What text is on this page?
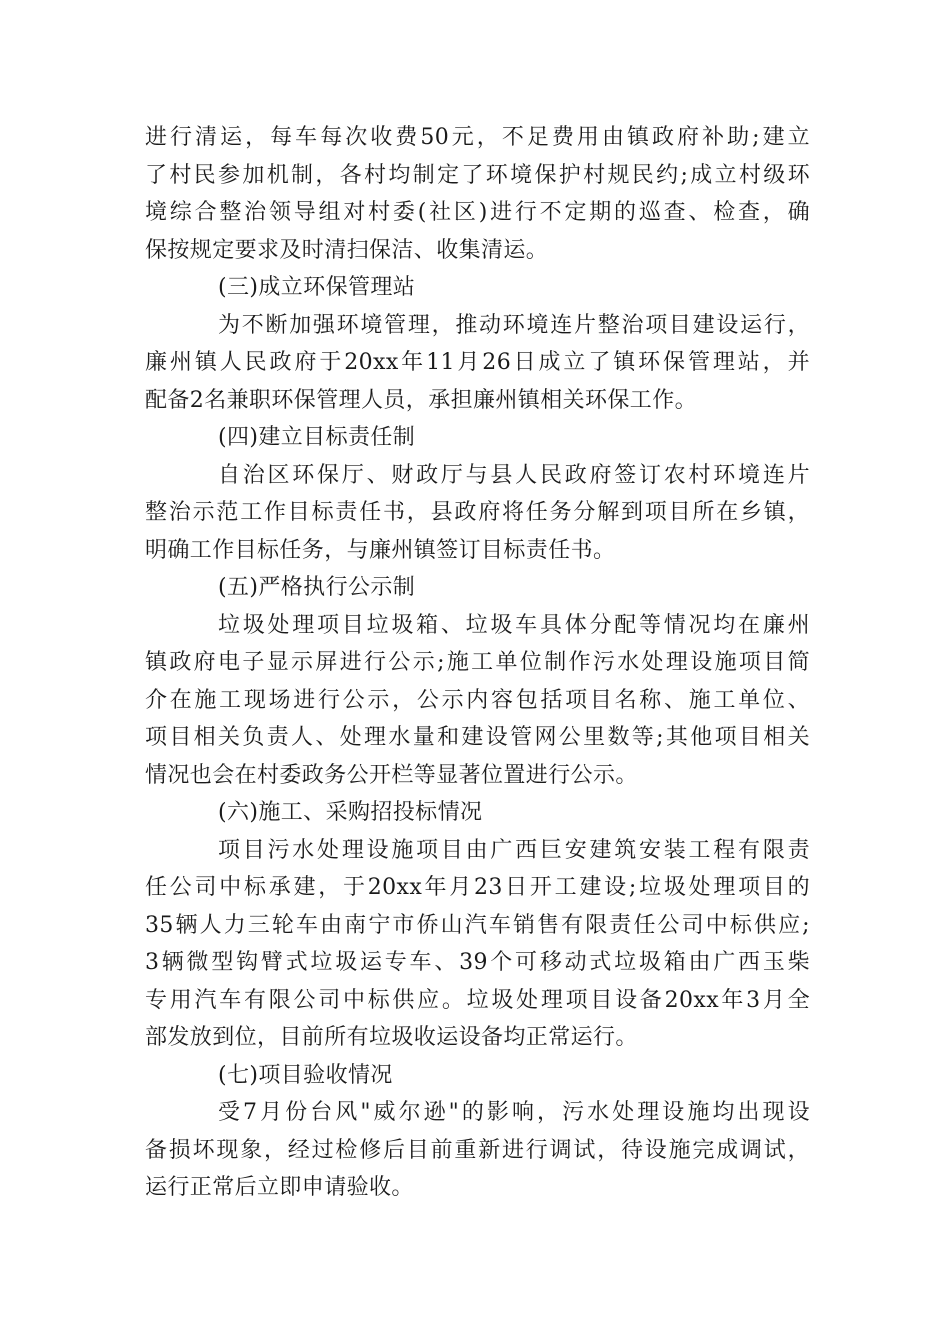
进行清运，每车每次收费50元，不足费用由镇政府补助;建立
了村民参加机制，各村均制定了环境保护村规民约;成立村级环
境综合整治领导组对村委(社区)进行不定期的巡查、检查，确
保按规定要求及时清扫保洁、收集清运。
(三)成立环保管理站
为不断加强环境管理，推动环境连片整治项目建设运行，
廉州镇人民政府于20xx年11月26日成立了镇环保管理站，并
配备2名兼职环保管理人员，承担廉州镇相关环保工作。
(四)建立目标责任制
自治区环保厅、财政厅与县人民政府签订农村环境连片
整治示范工作目标责任书，县政府将任务分解到项目所在乡镇，
明确工作目标任务，与廉州镇签订目标责任书。
(五)严格执行公示制
垃圾处理项目垃圾箱、垃圾车具体分配等情况均在廉州
镇政府电子显示屏进行公示;施工单位制作污水处理设施项目简
介在施工现场进行公示，公示内容包括项目名称、施工单位、
项目相关负责人、处理水量和建设管网公里数等;其他项目相关
情况也会在村委政务公开栏等显著位置进行公示。
(六)施工、采购招投标情况
项目污水处理设施项目由广西巨安建筑安装工程有限责
任公司中标承建，于20xx年月23日开工建设;垃圾处理项目的
35辆人力三轮车由南宁市侨山汽车销售有限责任公司中标供应;
3辆微型钩臂式垃圾运专车、39个可移动式垃圾箱由广西玉柴
专用汽车有限公司中标供应。垃圾处理项目设备20xx年3月全
部发放到位，目前所有垃圾收运设备均正常运行。
(七)项目验收情况
受7月份台风"威尔逊"的影响，污水处理设施均出现设
备损坏现象，经过检修后目前重新进行调试，待设施完成调试，
运行正常后立即申请验收。
